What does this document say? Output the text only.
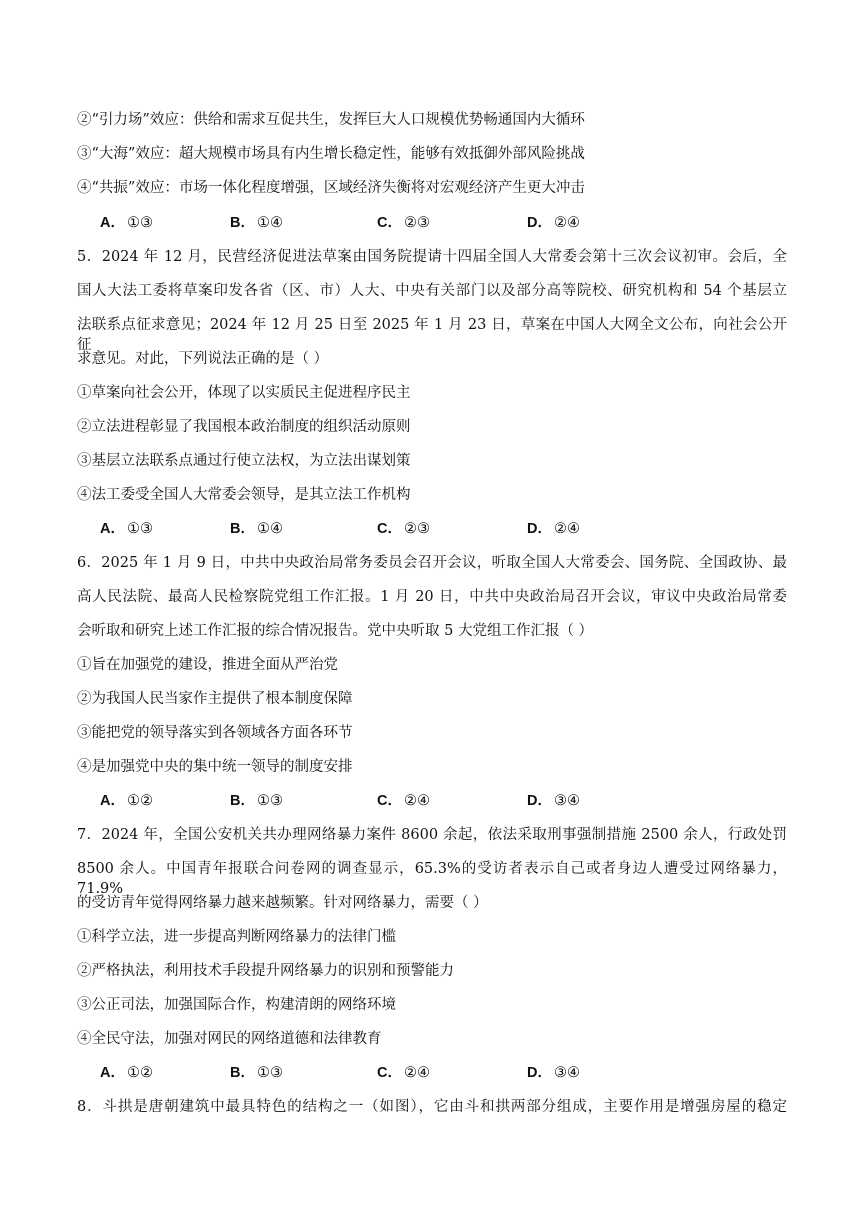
②“引力场”效应：供给和需求互促共生，发挥巨大人口规模优势畅通国内大循环
③“大海”效应：超大规模市场具有内生增长稳定性，能够有效抵御外部风险挑战
④“共振”效应：市场一体化程度增强，区域经济失衡将对宏观经济产生更大冲击
A． ①③	B． ①④	C． ②③	D． ②④
5．2024 年 12 月，民营经济促进法草案由国务院提请十四届全国人大常委会第十三次会议初审。会后，全
国人大法工委将草案印发各省（区、市）人大、中央有关部门以及部分高等院校、研究机构和 54 个基层立
法联系点征求意见；2024 年 12 月 25 日至 2025 年 1 月 23 日，草案在中国人大网全文公布，向社会公开征
求意见。对此，下列说法正确的是（ ）
①草案向社会公开，体现了以实质民主促进程序民主
②立法进程彰显了我国根本政治制度的组织活动原则
③基层立法联系点通过行使立法权，为立法出谋划策
④法工委受全国人大常委会领导，是其立法工作机构
A． ①③	B． ①④	C． ②③	D． ②④
6．2025 年 1 月 9 日，中共中央政治局常务委员会召开会议，听取全国人大常委会、国务院、全国政协、最
高人民法院、最高人民检察院党组工作汇报。1 月 20 日，中共中央政治局召开会议，审议中央政治局常委
会听取和研究上述工作汇报的综合情况报告。党中央听取 5 大党组工作汇报（ ）
①旨在加强党的建设，推进全面从严治党
②为我国人民当家作主提供了根本制度保障
③能把党的领导落实到各领域各方面各环节
④是加强党中央的集中统一领导的制度安排
A． ①②	B． ①③	C． ②④	D． ③④
7．2024 年，全国公安机关共办理网络暴力案件 8600 余起，依法采取刑事强制措施 2500 余人，行政处罚
8500 余人。中国青年报联合问卷网的调查显示，65.3%的受访者表示自己或者身边人遭受过网络暴力，71.9%
的受访青年觉得网络暴力越来越频繁。针对网络暴力，需要（ ）
①科学立法，进一步提高判断网络暴力的法律门槛
②严格执法，利用技术手段提升网络暴力的识别和预警能力
③公正司法，加强国际合作，构建清朗的网络环境
④全民守法，加强对网民的网络道德和法律教育
A． ①②	B． ①③	C． ②④	D． ③④
8．斗拱是唐朝建筑中最具特色的结构之一（如图），它由斗和拱两部分组成，主要作用是增强房屋的稳定
